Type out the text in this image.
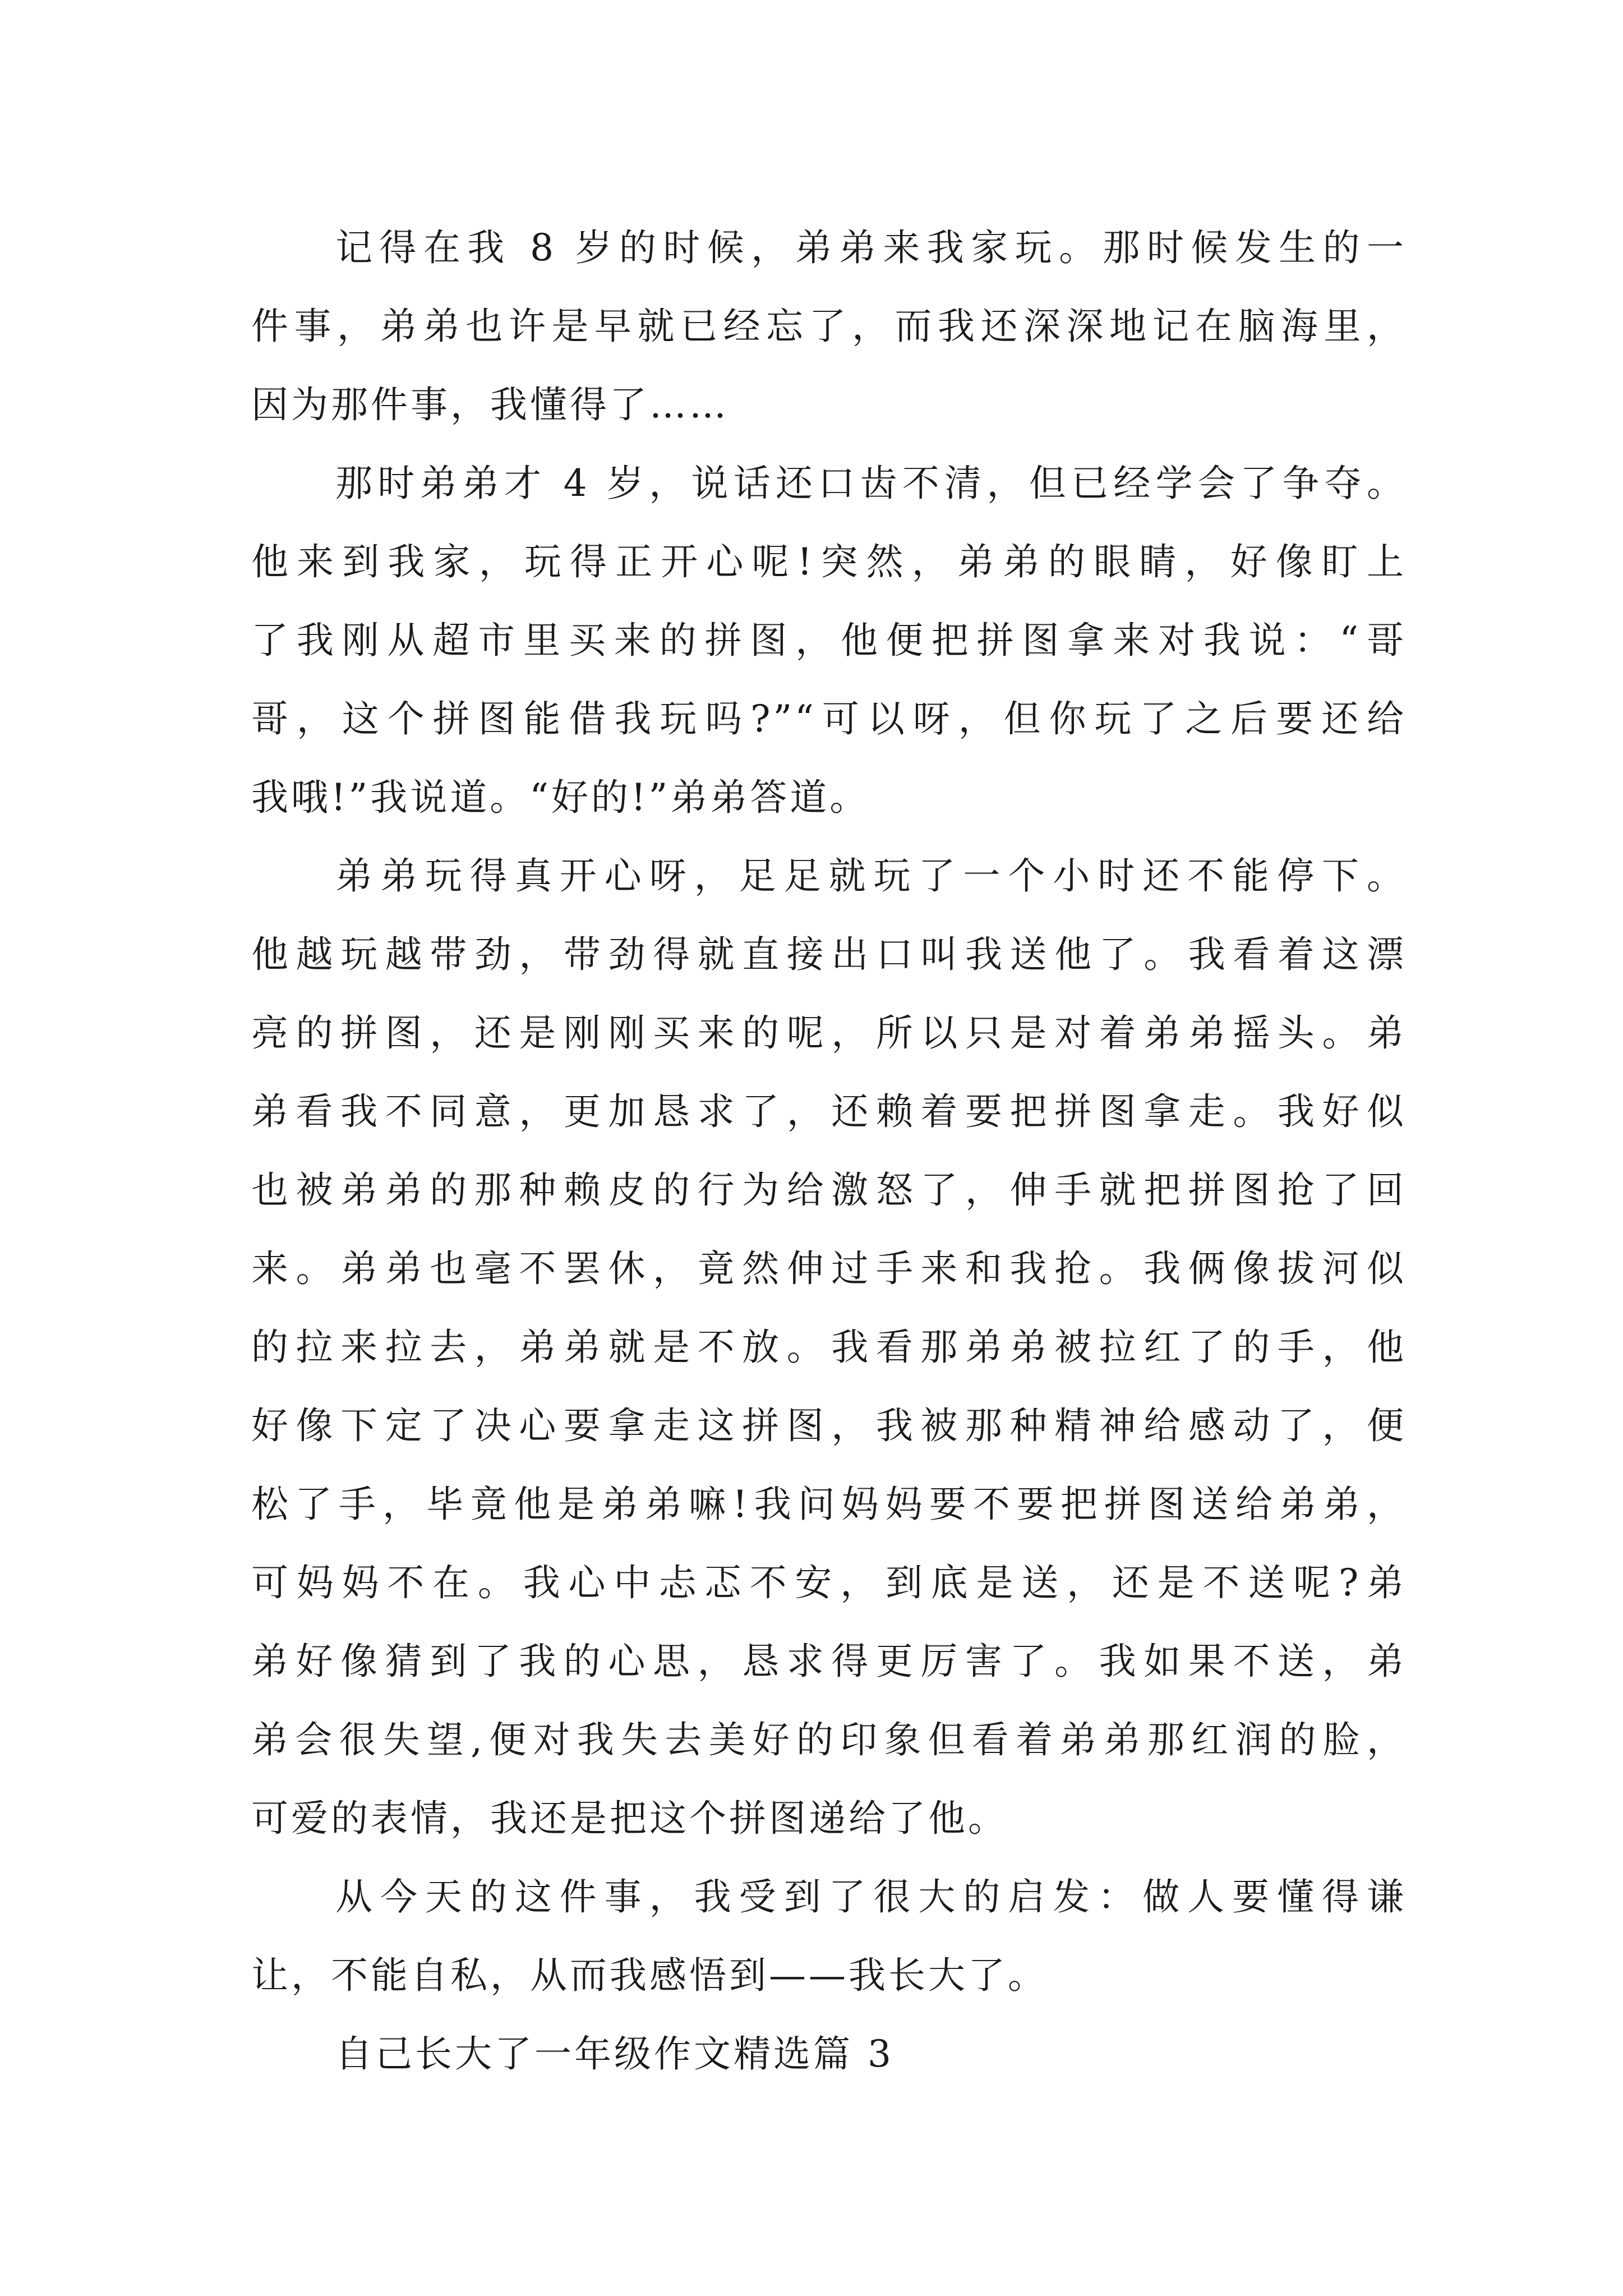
记得在我 8 岁的时候，弟弟来我家玩。那时候发生的一
件事，弟弟也许是早就已经忘了，而我还深深地记在脑海里，
因为那件事，我懂得了……
那时弟弟才 4 岁，说话还口齿不清，但已经学会了争夺。
他来到我家，玩得正开心呢!突然，弟弟的眼睛，好像盯上
了我刚从超市里买来的拼图，他便把拼图拿来对我说：“哥
哥，这个拼图能借我玩吗?”“可以呀，但你玩了之后要还给
我哦!”我说道。“好的!”弟弟答道。
弟弟玩得真开心呀，足足就玩了一个小时还不能停下。
他越玩越带劲，带劲得就直接出口叫我送他了。我看着这漂
亮的拼图，还是刚刚买来的呢，所以只是对着弟弟摇头。弟
弟看我不同意，更加恳求了，还赖着要把拼图拿走。我好似
也被弟弟的那种赖皮的行为给激怒了，伸手就把拼图抢了回
来。弟弟也毫不罢休，竟然伸过手来和我抢。我俩像拔河似
的拉来拉去，弟弟就是不放。我看那弟弟被拉红了的手，他
好像下定了决心要拿走这拼图，我被那种精神给感动了，便
松了手，毕竟他是弟弟嘛!我问妈妈要不要把拼图送给弟弟，
可妈妈不在。我心中忐忑不安，到底是送，还是不送呢?弟
弟好像猜到了我的心思，恳求得更厉害了。我如果不送，弟
弟会很失望,便对我失去美好的印象但看着弟弟那红润的脸，
可爱的表情，我还是把这个拼图递给了他。
从今天的这件事，我受到了很大的启发：做人要懂得谦
让，不能自私，从而我感悟到——我长大了。
自己长大了一年级作文精选篇 3
